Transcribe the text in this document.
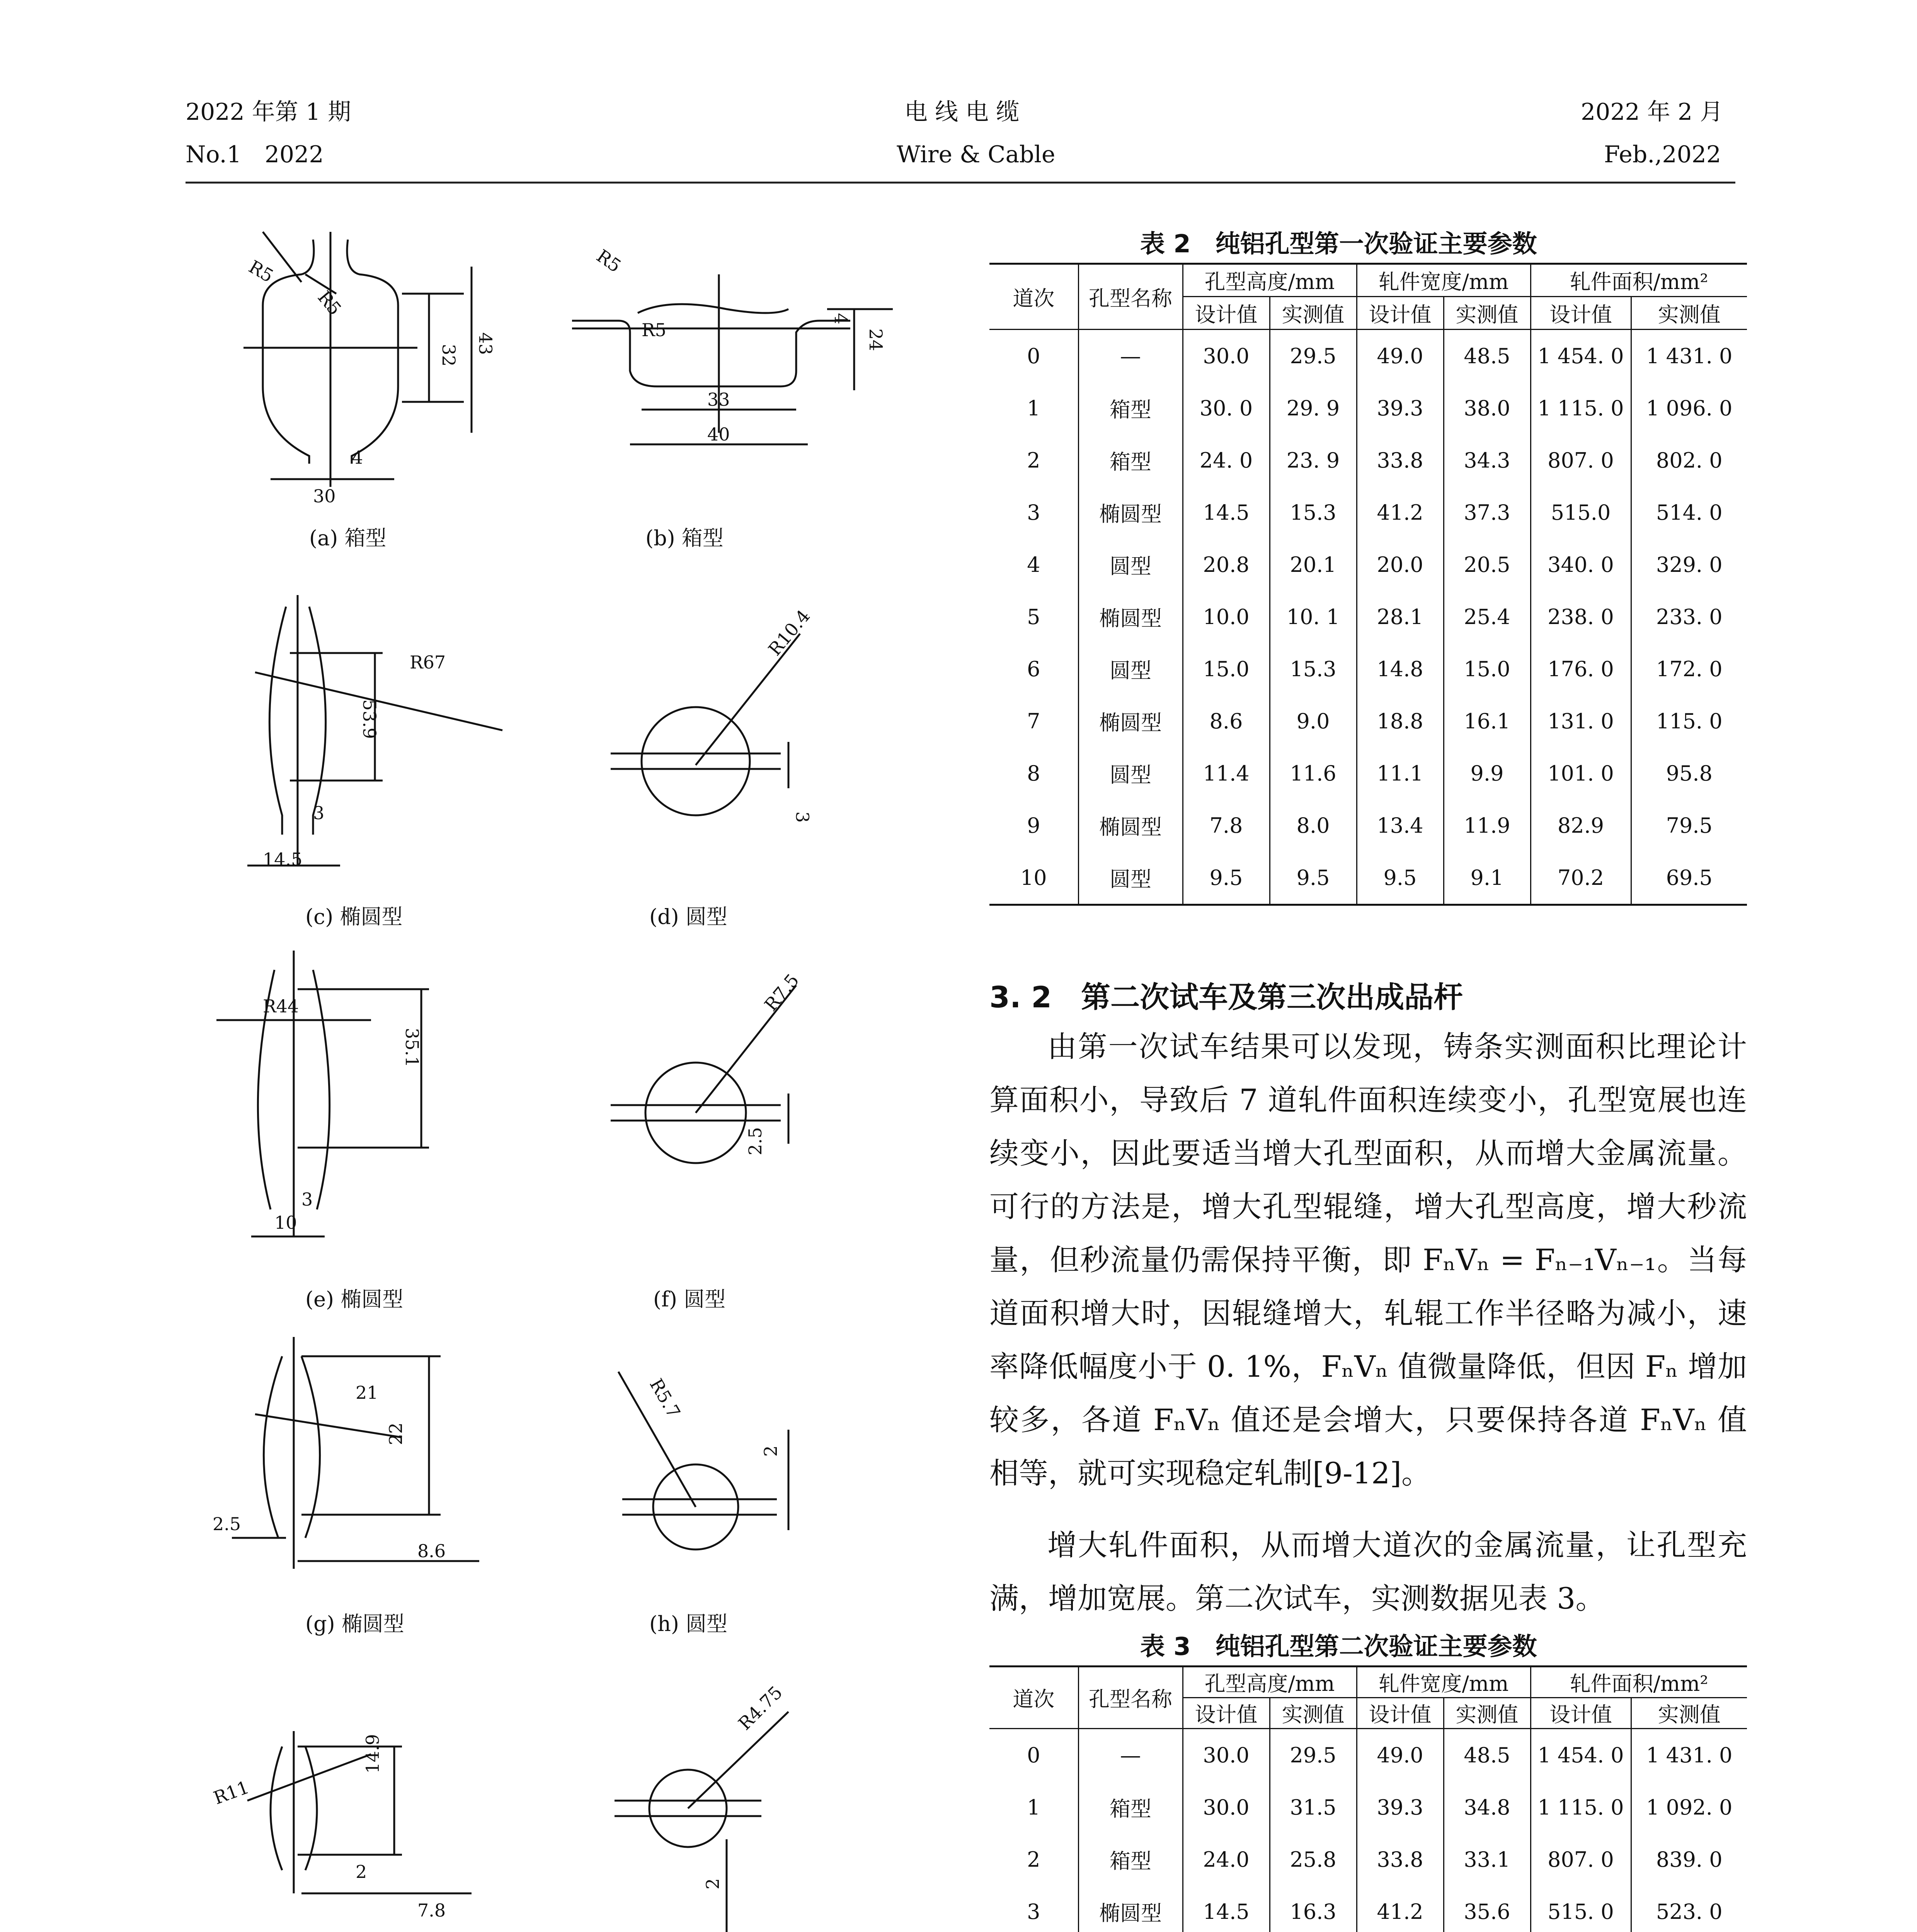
2022 年第 1 期
No.1　2022
电 线 电 缆
Wire & Cable
2022 年 2 月
Feb.,2022
R5
R5
32
43
30
4
R5
R5
4
24
33
40
R67
53.9
3
14.5
R10.4
3
R44
35.1
3
10
R7.5
2.5
21
22
2.5
8.6
R5.7
2
R11
14.9
2
7.8
R4.75
2
(a) 箱型	(b) 箱型
(c) 椭圆型	(d) 圆型
(e) 椭圆型	(f) 圆型
(g) 椭圆型	(h) 圆型
表 2　纯铝孔型第一次验证主要参数
道次	孔型名称	孔型高度/mm		轧件宽度/mm		轧件面积/mm²	
		设计值	实测值	设计值	实测值	设计值	实测值
0	—	30.0	29.5	49.0	48.5	1 454. 0	1 431. 0
1	箱型	30. 0	29. 9	39.3	38.0	1 115. 0	1 096. 0
2	箱型	24. 0	23. 9	33.8	34.3	807. 0	802. 0
3	椭圆型	14.5	15.3	41.2	37.3	515.0	514. 0
4	圆型	20.8	20.1	20.0	20.5	340. 0	329. 0
5	椭圆型	10.0	10. 1	28.1	25.4	238. 0	233. 0
6	圆型	15.0	15.3	14.8	15.0	176. 0	172. 0
7	椭圆型	8.6	9.0	18.8	16.1	131. 0	115. 0
8	圆型	11.4	11.6	11.1	9.9	101. 0	95.8
9	椭圆型	7.8	8.0	13.4	11.9	82.9	79.5
10	圆型	9.5	9.5	9.5	9.1	70.2	69.5
3. 2　第二次试车及第三次出成品杆
由第一次试车结果可以发现，铸条实测面积比理论计算面积小，导致后 7 道轧件面积连续变小，孔型宽展也连续变小，因此要适当增大孔型面积，从而增大金属流量。可行的方法是，增大孔型辊缝，增大孔型高度，增大秒流量，但秒流量仍需保持平衡，即 FₙVₙ = Fₙ₋₁Vₙ₋₁。当每道面积增大时，因辊缝增大，轧辊工作半径略为减小，速率降低幅度小于 0. 1%，FₙVₙ 值微量降低，但因 Fₙ 增加较多，各道 FₙVₙ 值还是会增大，只要保持各道 FₙVₙ 值相等，就可实现稳定轧制[9-12]。
增大轧件面积，从而增大道次的金属流量，让孔型充满，增加宽展。第二次试车，实测数据见表 3。
表 3　纯铝孔型第二次验证主要参数
道次	孔型名称	孔型高度/mm		轧件宽度/mm		轧件面积/mm²	
		设计值	实测值	设计值	实测值	设计值	实测值
0	—	30.0	29.5	49.0	48.5	1 454. 0	1 431. 0
1	箱型	30.0	31.5	39.3	34.8	1 115. 0	1 092. 0
2	箱型	24.0	25.8	33.8	33.1	807. 0	839. 0
3	椭圆型	14.5	16.3	41.2	35.6	515. 0	523. 0
